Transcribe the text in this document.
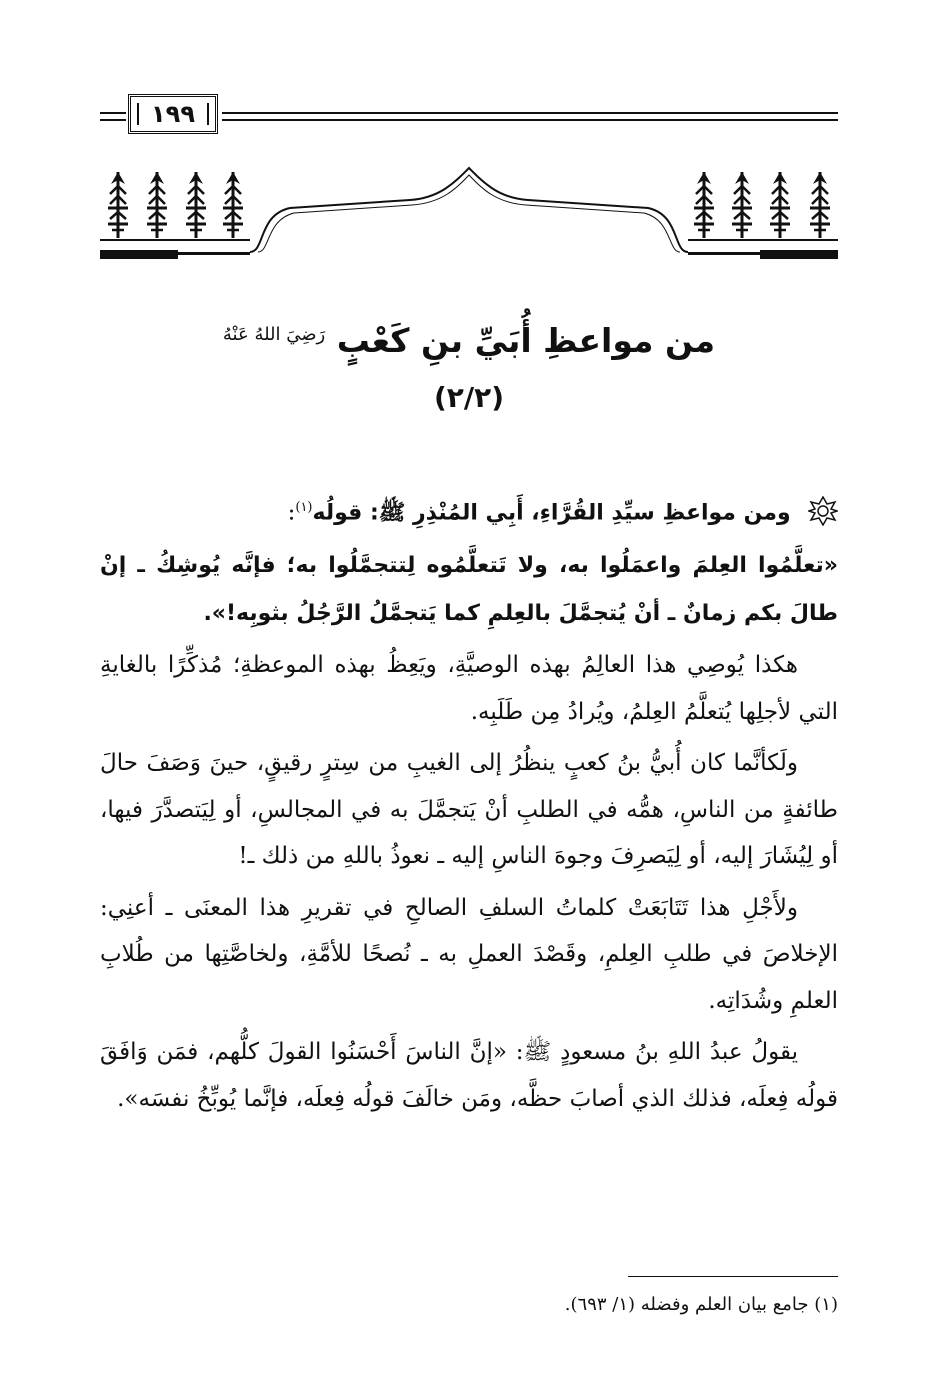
١٩٩
من مواعظِ أُبَيِّ بنِ كَعْبٍ $^{رَضِيَ اللهُ عَنْهُ}$
(٢/٢)

ومن مواعظِ سيِّدِ القُرَّاءِ، أَبِي المُنْذِرِ ﷺ: قولُه$^{(١)}$:

«تعلَّمُوا العِلمَ واعمَلُوا به، ولا تَتعلَّمُوه لِتتجمَّلُوا به؛ فإنَّه يُوشِكُ ـ إنْ طالَ بكم زمانٌ ـ أنْ يُتجمَّلَ بالعِلمِ كما يَتجمَّلُ الرَّجُلُ بثوبِه!».

هكذا يُوصِي هذا العالِمُ بهذه الوصيَّةِ، ويَعِظُ بهذه الموعظةِ؛ مُذكِّرًا بالغايةِ التي لأجلِها يُتعلَّمُ العِلمُ، ويُرادُ مِن طَلَبِه.

ولَكأنَّما كان أُبيُّ بنُ كعبٍ ينظُرُ إلى الغيبِ من سِترٍ رقيقٍ، حينَ وَصَفَ حالَ طائفةٍ من الناسِ، همُّه في الطلبِ أنْ يَتجمَّلَ به في المجالسِ، أو لِيَتصدَّرَ فيها، أو لِيُشَارَ إليه، أو لِيَصرِفَ وجوهَ الناسِ إليه ـ نعوذُ باللهِ من ذلك ـ!

ولأَجْلِ هذا تَتَابَعَتْ كلماتُ السلفِ الصالحِ في تقريرِ هذا المعنَى ـ أعنِي: الإخلاصَ في طلبِ العِلمِ، وقَصْدَ العملِ به ـ نُصحًا للأمَّةِ، ولخاصَّتِها من طُلابِ العلمِ وشُدَاتِه.

يقولُ عبدُ اللهِ بنُ مسعودٍ ﷺ: «إنَّ الناسَ أَحْسَنُوا القولَ كلُّهم، فمَن وَافَقَ قولُه فِعلَه، فذلك الذي أصابَ حظَّه، ومَن خالَفَ قولُه فِعلَه، فإنَّما يُوبِّخُ نفسَه».

(١) جامع بيان العلم وفضله (١/ ٦٩٣).
